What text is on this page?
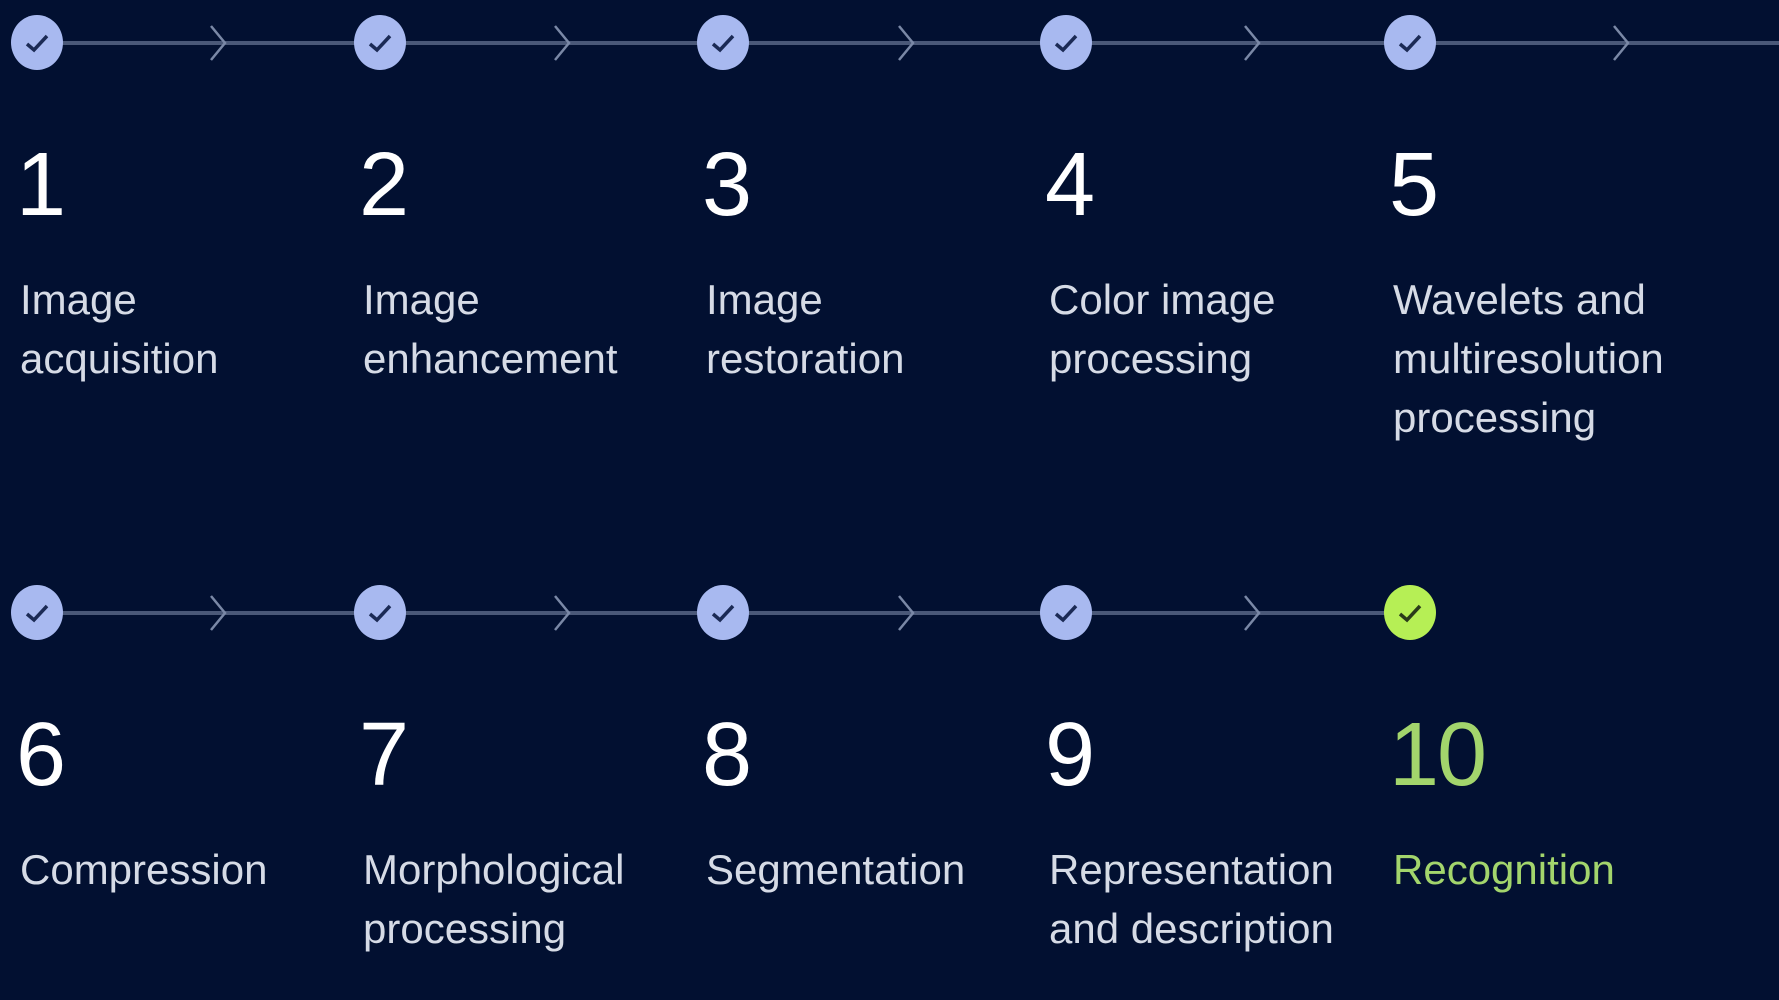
1
Image acquisition
2
Image enhancement
3
Image restoration
4
Color image processing
5
Wavelets and multiresolution processing
6
Compression
7
Morphological processing
8
Segmentation
9
Representation and description
10
Recognition
